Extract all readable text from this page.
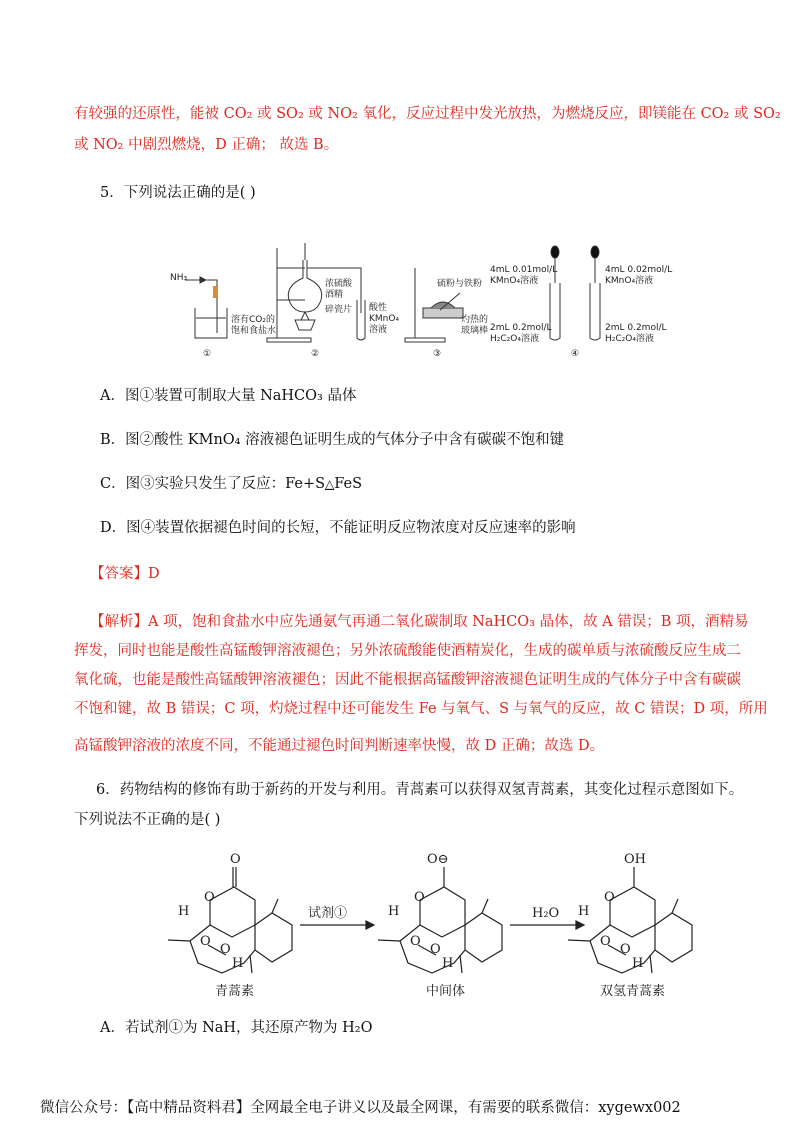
有较强的还原性，能被 CO₂ 或 SO₂ 或 NO₂ 氧化，反应过程中发光放热，为燃烧反应，即镁能在 CO₂ 或 SO₂
或 NO₂ 中剧烈燃烧，D 正确； 故选 B。
5．下列说法正确的是( )
NH₃
溶有CO₂的
饱和食盐水
①
浓硫酸
酒精
碎瓷片 酸性
KMnO₄
溶液
②
硫粉与铁粉
灼热的
玻璃棒
③
4mL 0.01mol/L
KMnO₄溶液
4mL 0.02mol/L
KMnO₄溶液
2mL 0.2mol/L
H₂C₂O₄溶液
2mL 0.2mol/L
H₂C₂O₄溶液
④
A．图①装置可制取大量 NaHCO₃ 晶体
B．图②酸性 KMnO₄ 溶液褪色证明生成的气体分子中含有碳碳不饱和键
C．图③实验只发生了反应：Fe+S△FeS
D．图④装置依据褪色时间的长短，不能证明反应物浓度对反应速率的影响
【答案】D
【解析】A 项，饱和食盐水中应先通氨气再通二氧化碳制取 NaHCO₃ 晶体，故 A 错误；B 项，酒精易
挥发，同时也能是酸性高锰酸钾溶液褪色；另外浓硫酸能使酒精炭化，生成的碳单质与浓硫酸反应生成二
氧化硫，也能是酸性高锰酸钾溶液褪色；因此不能根据高锰酸钾溶液褪色证明生成的气体分子中含有碳碳
不饱和键，故 B 错误；C 项，灼烧过程中还可能发生 Fe 与氧气、S 与氧气的反应，故 C 错误；D 项，所用
高锰酸钾溶液的浓度不同，不能通过褪色时间判断速率快慢，故 D 正确；故选 D。
6．药物结构的修饰有助于新药的开发与利用。青蒿素可以获得双氢青蒿素，其变化过程示意图如下。
下列说法不正确的是( )
O
O
H
O
O
H
O⊖
O
H
O
O
H
OH
O
H
O
O
H
试剂①	H₂O
青蒿素	中间体	双氢青蒿素
A．若试剂①为 NaH，其还原产物为 H₂O
微信公众号：【高中精品资料君】全网最全电子讲义以及最全网课，有需要的联系微信：xygewx002
